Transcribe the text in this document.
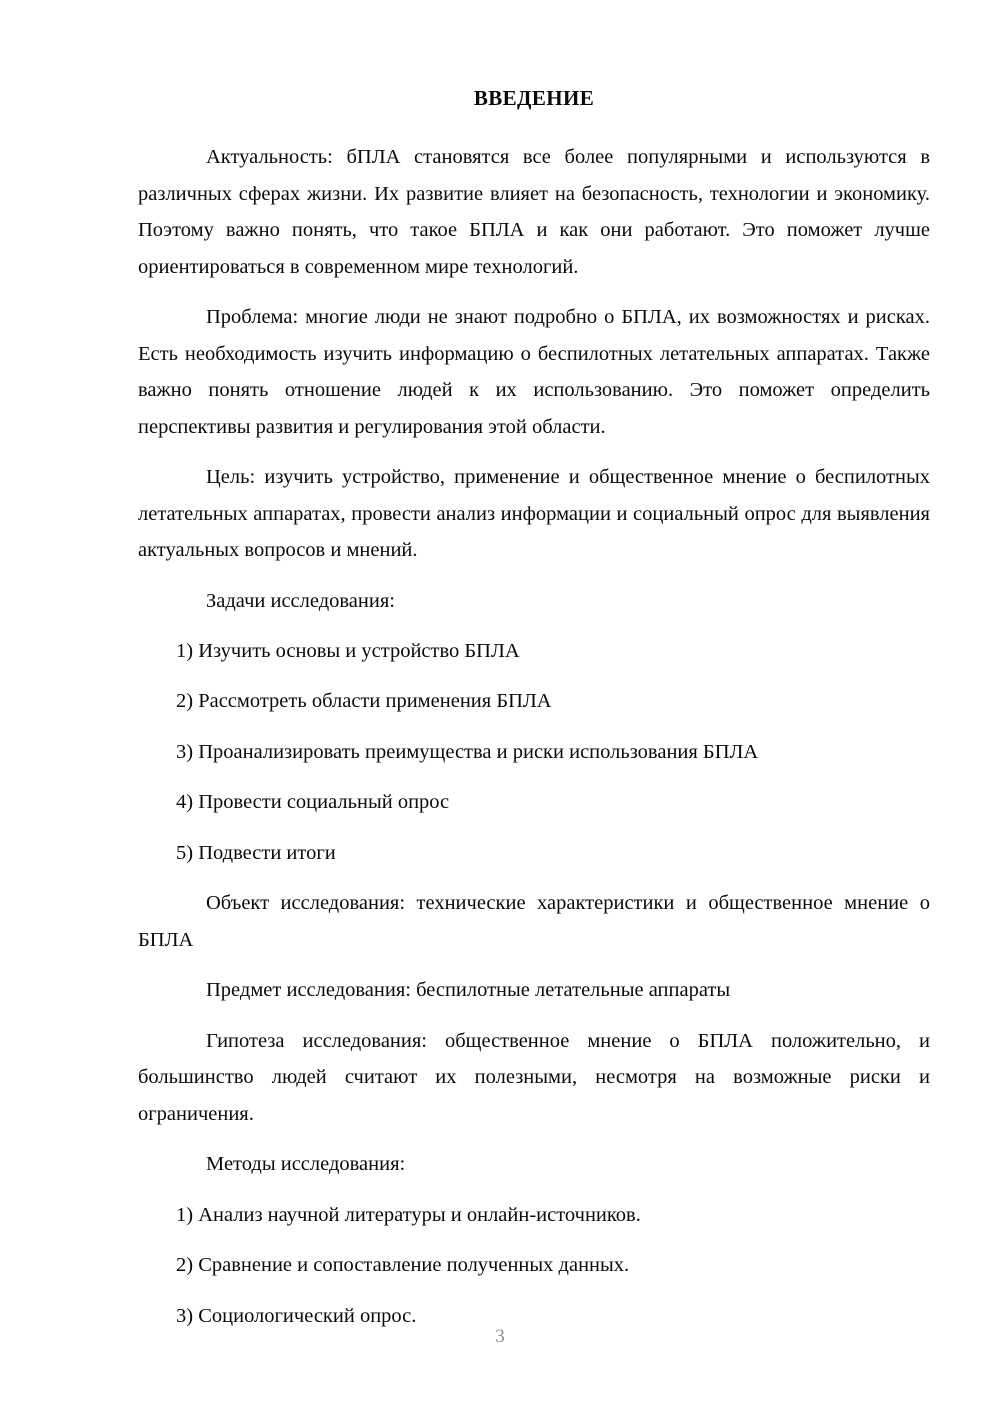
ВВЕДЕНИЕ

Актуальность: бПЛА становятся все более популярными и используются в различных сферах жизни. Их развитие влияет на безопасность, технологии и экономику. Поэтому важно понять, что такое БПЛА и как они работают. Это поможет лучше ориентироваться в современном мире технологий.

Проблема: многие люди не знают подробно о БПЛА, их возможностях и рисках. Есть необходимость изучить информацию о беспилотных летательных аппаратах. Также важно понять отношение людей к их использованию. Это поможет определить перспективы развития и регулирования этой области.

Цель: изучить устройство, применение и общественное мнение о беспилотных летательных аппаратах, провести анализ информации и социальный опрос для выявления актуальных вопросов и мнений.

Задачи исследования:

1) Изучить основы и устройство БПЛА

2) Рассмотреть области применения БПЛА

3) Проанализировать преимущества и риски использования БПЛА

4) Провести социальный опрос

5) Подвести итоги

Объект исследования: технические характеристики и общественное мнение о БПЛА

Предмет исследования: беспилотные летательные аппараты

Гипотеза исследования: общественное мнение о БПЛА положительно, и большинство людей считают их полезными, несмотря на возможные риски и ограничения.

Методы исследования:

1) Анализ научной литературы и онлайн-источников.

2) Сравнение и сопоставление полученных данных.

3) Социологический опрос.

3
